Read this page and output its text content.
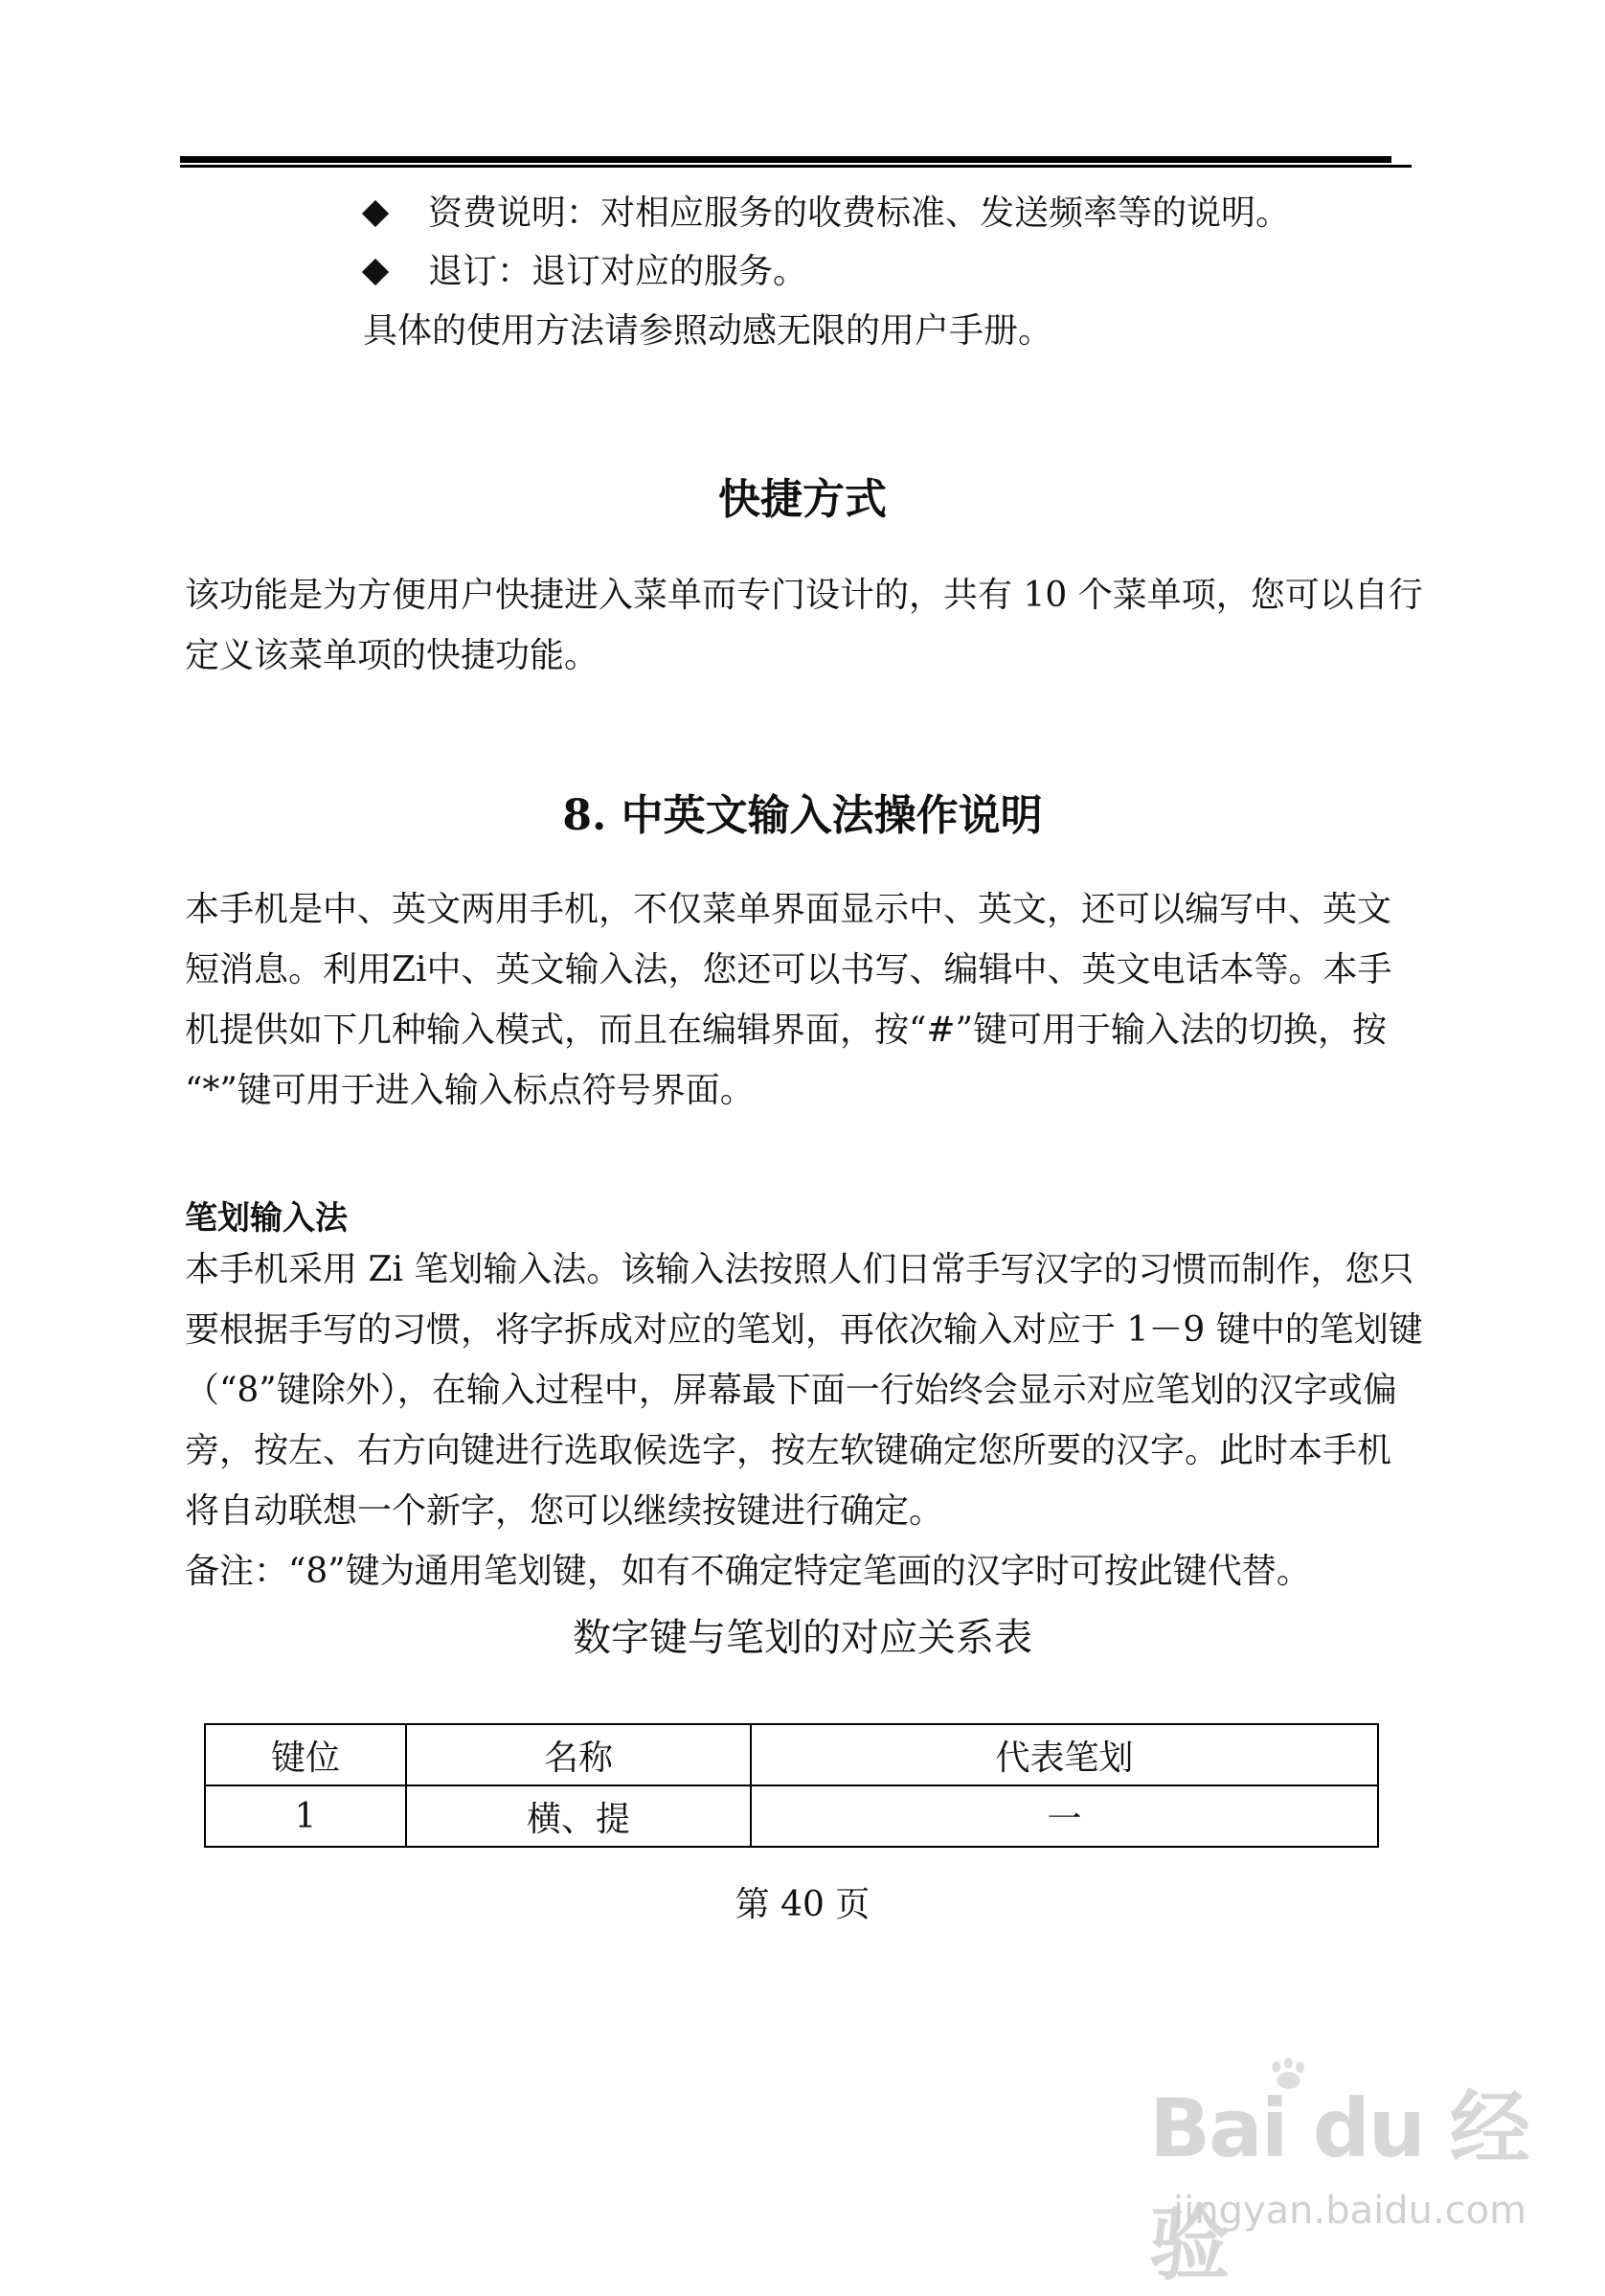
资费说明：对相应服务的收费标准、发送频率等的说明。
退订：退订对应的服务。
具体的使用方法请参照动感无限的用户手册。
快捷方式
该功能是为方便用户快捷进入菜单而专门设计的，共有 10 个菜单项，您可以自行
定义该菜单项的快捷功能。
8. 中英文输入法操作说明
本手机是中、英文两用手机，不仅菜单界面显示中、英文，还可以编写中、英文
短消息。利用Zi中、英文输入法，您还可以书写、编辑中、英文电话本等。本手
机提供如下几种输入模式，而且在编辑界面，按“#”键可用于输入法的切换，按
“*”键可用于进入输入标点符号界面。
笔划输入法
本手机采用 Zi 笔划输入法。该输入法按照人们日常手写汉字的习惯而制作，您只
要根据手写的习惯，将字拆成对应的笔划，再依次输入对应于 1－9 键中的笔划键
（“8”键除外），在输入过程中，屏幕最下面一行始终会显示对应笔划的汉字或偏
旁，按左、右方向键进行选取候选字，按左软键确定您所要的汉字。此时本手机
将自动联想一个新字，您可以继续按键进行确定。
备注：“8”键为通用笔划键，如有不确定特定笔画的汉字时可按此键代替。
数字键与笔划的对应关系表
键位	名称	代表笔划
1	横、提	一
第 40 页
Bai du 经验
jingyan.baidu.com
